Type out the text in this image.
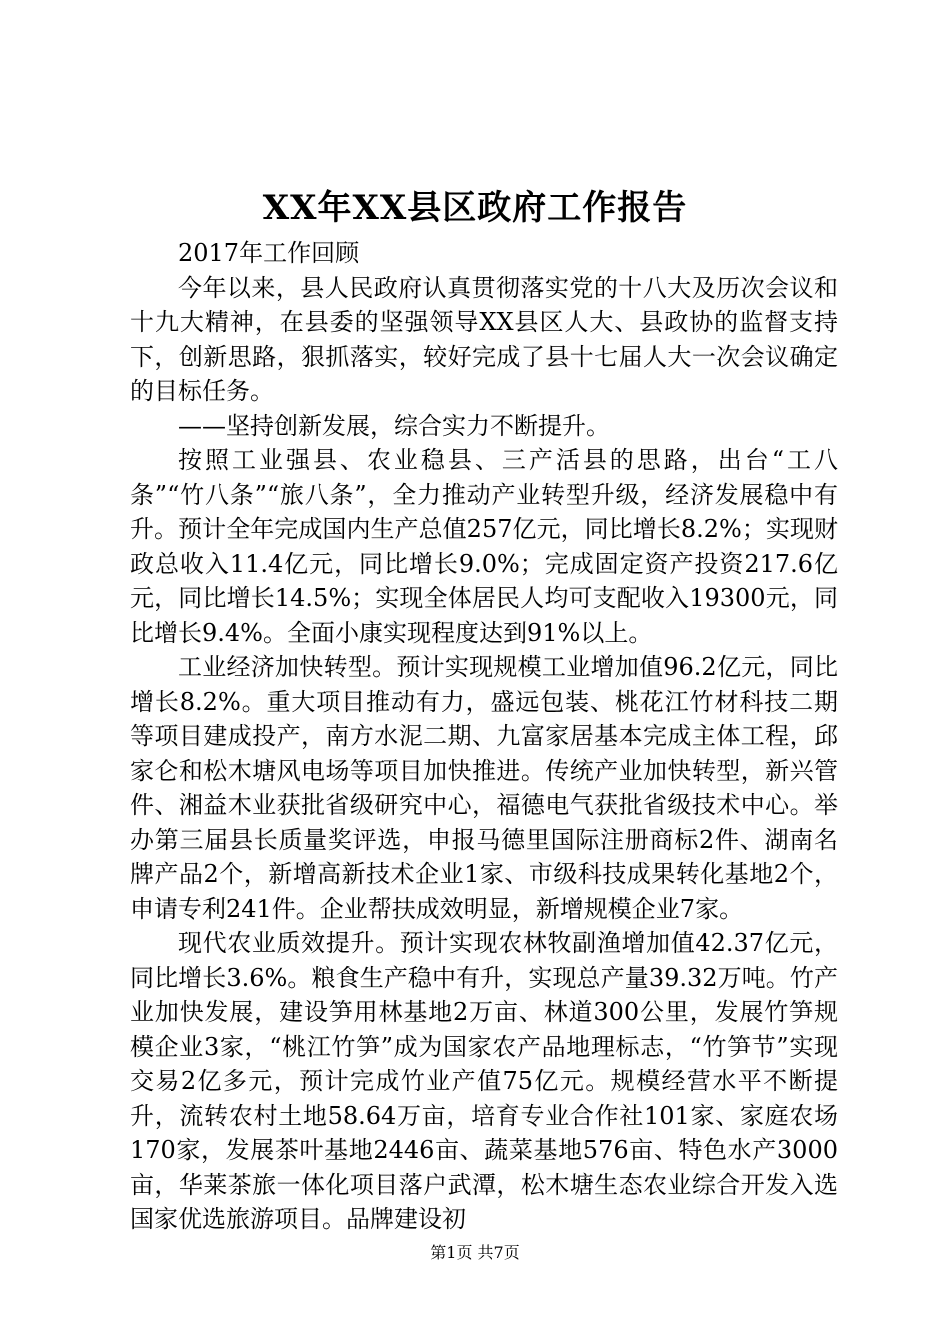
XX年XX县区政府工作报告

2017年工作回顾

今年以来，县人民政府认真贯彻落实党的十八大及历次会议和十九大精神，在县委的坚强领导XX县区人大、县政协的监督支持下，创新思路，狠抓落实，较好完成了县十七届人大一次会议确定的目标任务。

——坚持创新发展，综合实力不断提升。

按照工业强县、农业稳县、三产活县的思路，出台“工八条”“竹八条”“旅八条”，全力推动产业转型升级，经济发展稳中有升。预计全年完成国内生产总值257亿元，同比增长8.2%；实现财政总收入11.4亿元，同比增长9.0%；完成固定资产投资217.6亿元，同比增长14.5%；实现全体居民人均可支配收入19300元，同比增长9.4%。全面小康实现程度达到91%以上。

工业经济加快转型。预计实现规模工业增加值96.2亿元，同比增长8.2%。重大项目推动有力，盛远包装、桃花江竹材科技二期等项目建成投产，南方水泥二期、九富家居基本完成主体工程，邱家仑和松木塘风电场等项目加快推进。传统产业加快转型，新兴管件、湘益木业获批省级研究中心，福德电气获批省级技术中心。举办第三届县长质量奖评选，申报马德里国际注册商标2件、湖南名牌产品2个，新增高新技术企业1家、市级科技成果转化基地2个，申请专利241件。企业帮扶成效明显，新增规模企业7家。

现代农业质效提升。预计实现农林牧副渔增加值42.37亿元，同比增长3.6%。粮食生产稳中有升，实现总产量39.32万吨。竹产业加快发展，建设笋用林基地2万亩、林道300公里，发展竹笋规模企业3家，“桃江竹笋”成为国家农产品地理标志，“竹笋节”实现交易2亿多元，预计完成竹业产值75亿元。规模经营水平不断提升，流转农村土地58.64万亩，培育专业合作社101家、家庭农场170家，发展茶叶基地2446亩、蔬菜基地576亩、特色水产3000亩，华莱茶旅一体化项目落户武潭，松木塘生态农业综合开发入选国家优选旅游项目。品牌建设初

第1页 共7页
